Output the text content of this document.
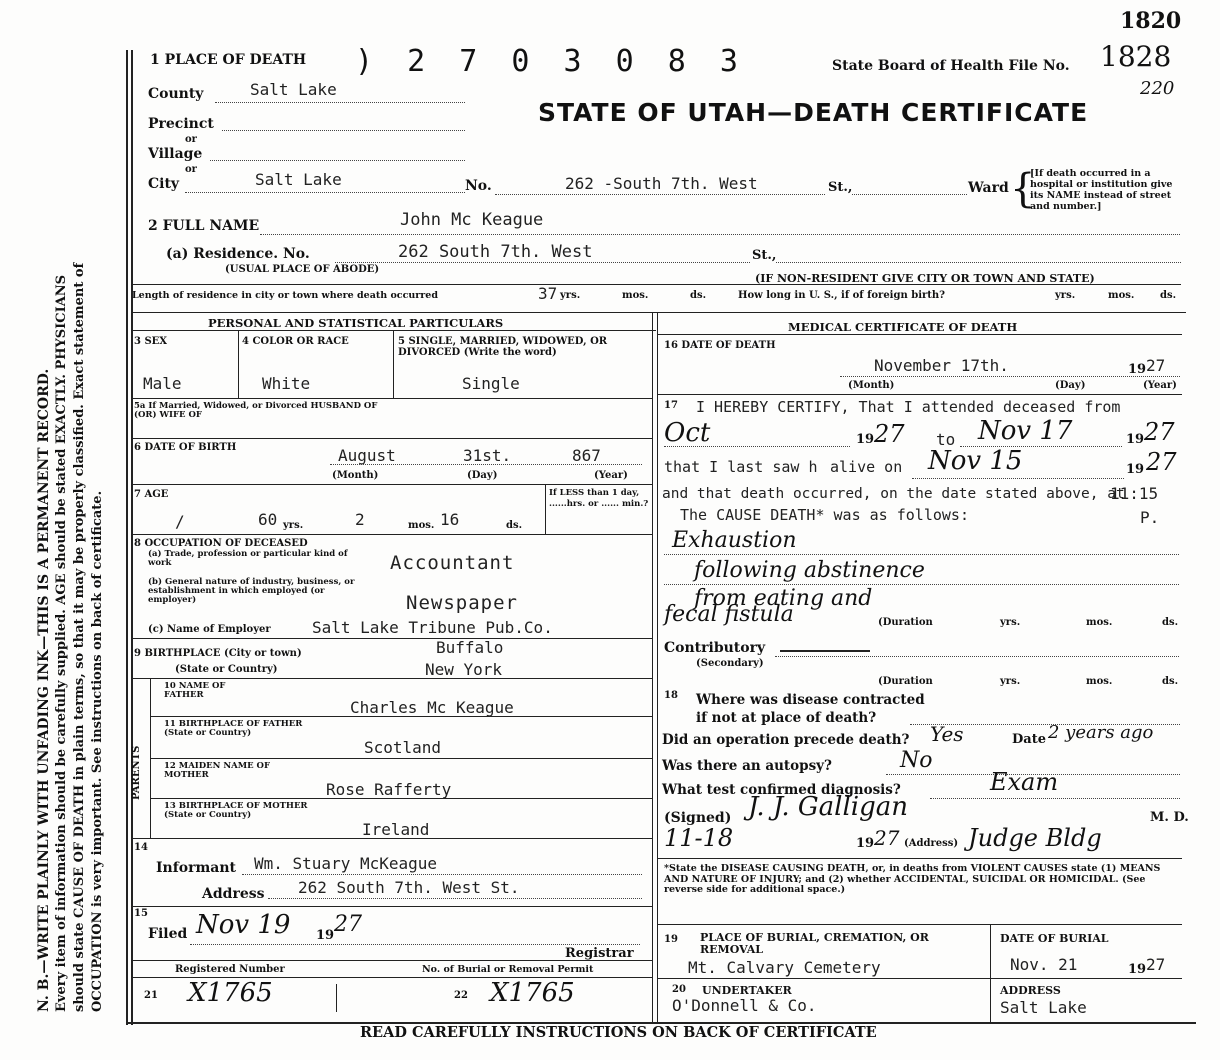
N. B.—WRITE PLAINLY WITH UNFADING INK—THIS IS A PERMANENT RECORD. Every item of information should be carefully supplied. AGE should be stated EXACTLY. PHYSICIANS should state CAUSE OF DEATH in plain terms, so that it may be properly classified. Exact statement of OCCUPATION is very important. See instructions on back of certificate.
1820
1 PLACE OF DEATH ) 2 7 0 3 0 8 3	State Board of Health File No. 1828
220
STATE OF UTAH—DEATH CERTIFICATE
County	Salt Lake
Precinct
or
Village
or
City	Salt Lake	No.	262 -South 7th. West	St.,	Ward {
[If death occurred in a hospital or institution give its NAME instead of street and number.]
2 FULL NAME	John Mc Keague
(a) Residence. No.	262 South 7th. West	St.,
(USUAL PLACE OF ABODE)
(IF NON-RESIDENT GIVE CITY OR TOWN AND STATE)
Length of residence in city or town where death occurred	37 yrs.	mos.	ds.	How long in U. S., if of foreign birth?	yrs.	mos.	ds.
PERSONAL AND STATISTICAL PARTICULARS	MEDICAL CERTIFICATE OF DEATH
3 SEX	4 COLOR OR RACE	5 SINGLE, MARRIED, WIDOWED, OR DIVORCED (Write the word)
Male	White	Single
5a If Married, Widowed, or Divorced HUSBAND OF (OR) WIFE OF
6 DATE OF BIRTH	August	31st.	867
(Month)	(Day)	(Year)
7 AGE
/	60 yrs.	2	mos. 16	ds.
If LESS than 1 day, ......hrs. or ...... min.?
8 OCCUPATION OF DECEASED
(a) Trade, profession or particular kind of work	Accountant
(b) General nature of industry, business, or establishment in which employed (or employer)	Newspaper
(c) Name of Employer	Salt Lake Tribune Pub.Co.
9 BIRTHPLACE (City or town)	Buffalo
(State or Country)	New York
PARENTS
10 NAME OF FATHER
Charles Mc Keague
11 BIRTHPLACE OF FATHER (State or Country)
Scotland
12 MAIDEN NAME OF MOTHER
Rose Rafferty
13 BIRTHPLACE OF MOTHER (State or Country)
Ireland
14
Informant Wm. Stuary McKeague
Address 262 South 7th. West St.
15
Filed Nov 19 19 27
Registrar
Registered Number	No. of Burial or Removal Permit
21 X1765	22 X1765
16 DATE OF DEATH
November 17th.	19 27
(Month)	(Day)	(Year)
17 I HEREBY CERTIFY, That I attended deceased from
Oct	19 27 to Nov 17	19 27
that I last saw h alive on Nov 15	19 27
and that death occurred, on the date stated above, at
11:15
The CAUSE DEATH* was as follows:	P.
Exhaustion
following abstinence
from eating and
fecal fistula	(Duration	yrs.	mos.	ds.
Contributory
(Secondary)
(Duration	yrs.	mos.	ds.
18 Where was disease contracted
if not at place of death?
Did an operation precede death? Yes	Date 2 years ago
Was there an autopsy?	No
What test confirmed diagnosis?	Exam
(Signed) J. J. Galligan	M. D.
11-18	19 27 (Address) Judge Bldg
*State the DISEASE CAUSING DEATH, or, in deaths from VIOLENT CAUSES state (1) MEANS AND NATURE OF INJURY; and (2) whether ACCIDENTAL, SUICIDAL OR HOMICIDAL. (See reverse side for additional space.)
19 PLACE OF BURIAL, CREMATION, OR REMOVAL
Mt. Calvary Cemetery
DATE OF BURIAL
Nov. 21	19 27
20 UNDERTAKER
O'Donnell & Co.
ADDRESS
Salt Lake
READ CAREFULLY INSTRUCTIONS ON BACK OF CERTIFICATE
